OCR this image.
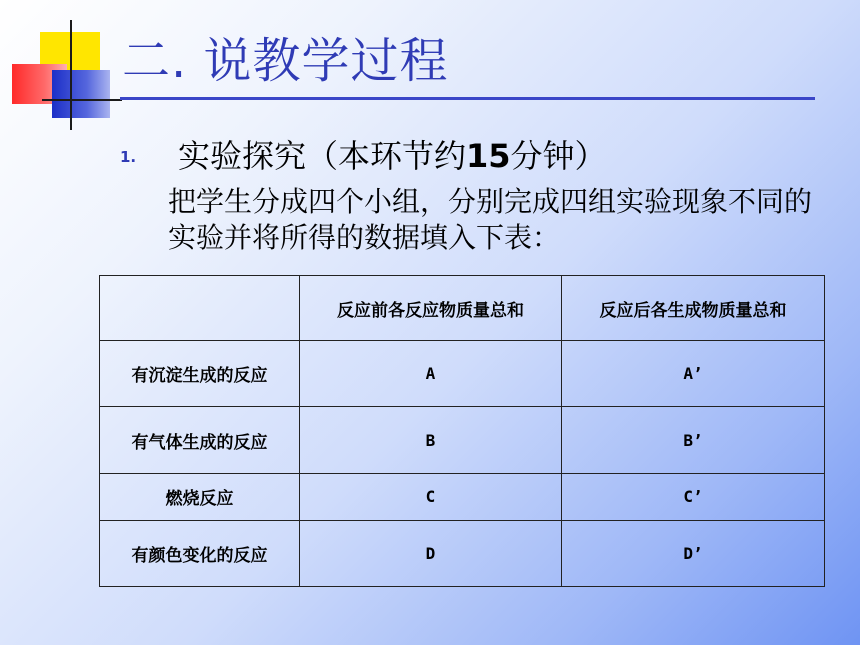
二. 说教学过程
1. 实验探究（本环节约15分钟）

把学生分成四个小组，分别完成四组实验现象不同的实验并将所得的数据填入下表：

	反应前各反应物质量总和	反应后各生成物质量总和
有沉淀生成的反应	A	A’
有气体生成的反应	B	B’
燃烧反应	C	C’
有颜色变化的反应	D	D’
